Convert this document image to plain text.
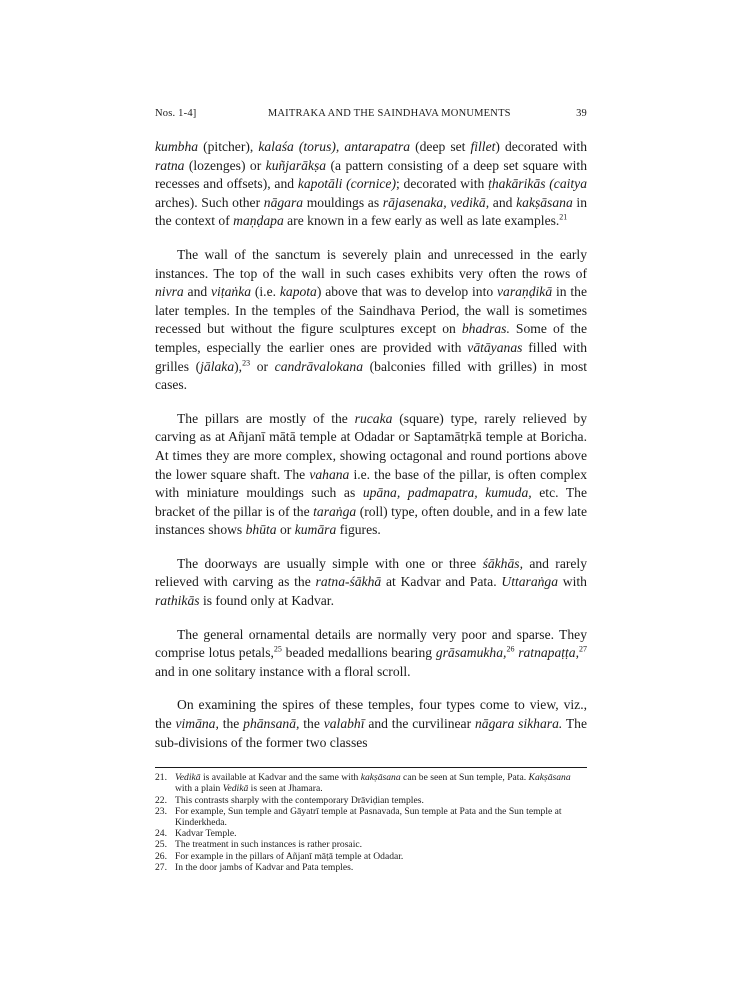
Nos. 1-4]	MAITRAKA AND THE SAINDHAVA MONUMENTS	39

kumbha (pitcher), kalaśa (torus), antarapatra (deep set fillet) decorated with ratna (lozenges) or kuñjarākṣa (a pattern consisting of a deep set square with recesses and offsets), and kapotāli (cornice); decorated with ṭhakārikās (caitya arches). Such other nāgara mouldings as rājasenaka, vedikā, and kakṣāsana in the context of maṇḍapa are known in a few early as well as late examples.$^{21}$

The wall of the sanctum is severely plain and unrecessed in the early instances. The top of the wall in such cases exhibits very often the rows of nivra and viṭaṅka (i.e. kapota) above that was to develop into varaṇḍikā in the later temples. In the temples of the Saindhava Period, the wall is sometimes recessed but without the figure sculptures except on bhadras. Some of the temples, especially the earlier ones are provided with vātāyanas filled with grilles (jālaka),$^{23}$ or candrāvalokana (balconies filled with grilles) in most cases.

The pillars are mostly of the rucaka (square) type, rarely relieved by carving as at Añjanī mātā temple at Odadar or Saptamātṛkā temple at Boricha. At times they are more complex, showing octagonal and round portions above the lower square shaft. The vahana i.e. the base of the pillar, is often complex with miniature mouldings such as upāna, padmapatra, kumuda, etc. The bracket of the pillar is of the taraṅga (roll) type, often double, and in a few late instances shows bhūta or kumāra figures.

The doorways are usually simple with one or three śākhās, and rarely relieved with carving as the ratna-śākhā at Kadvar and Pata. Uttaraṅga with rathikās is found only at Kadvar.

The general ornamental details are normally very poor and sparse. They comprise lotus petals,$^{25}$ beaded medallions bearing grāsamukha,$^{26}$ ratnapaṭṭa,$^{27}$ and in one solitary instance with a floral scroll.

On examining the spires of these temples, four types come to view, viz., the vimāna, the phānsanā, the valabhī and the curvilinear nāgara sikhara. The sub-divisions of the former two classes

21. Vedikā is available at Kadvar and the same with kakṣāsana can be seen at Sun temple, Pata. Kakṣāsana with a plain Vedikā is seen at Jhamara.
22. This contrasts sharply with the contemporary Drāviḍian temples.
23. For example, Sun temple and Gāyatrī temple at Pasnavada, Sun temple at Pata and the Sun temple at Kinderkheda.
24. Kadvar Temple.
25. The treatment in such instances is rather prosaic.
26. For example in the pillars of Añjanī māṭā temple at Odadar.
27. In the door jambs of Kadvar and Pata temples.
